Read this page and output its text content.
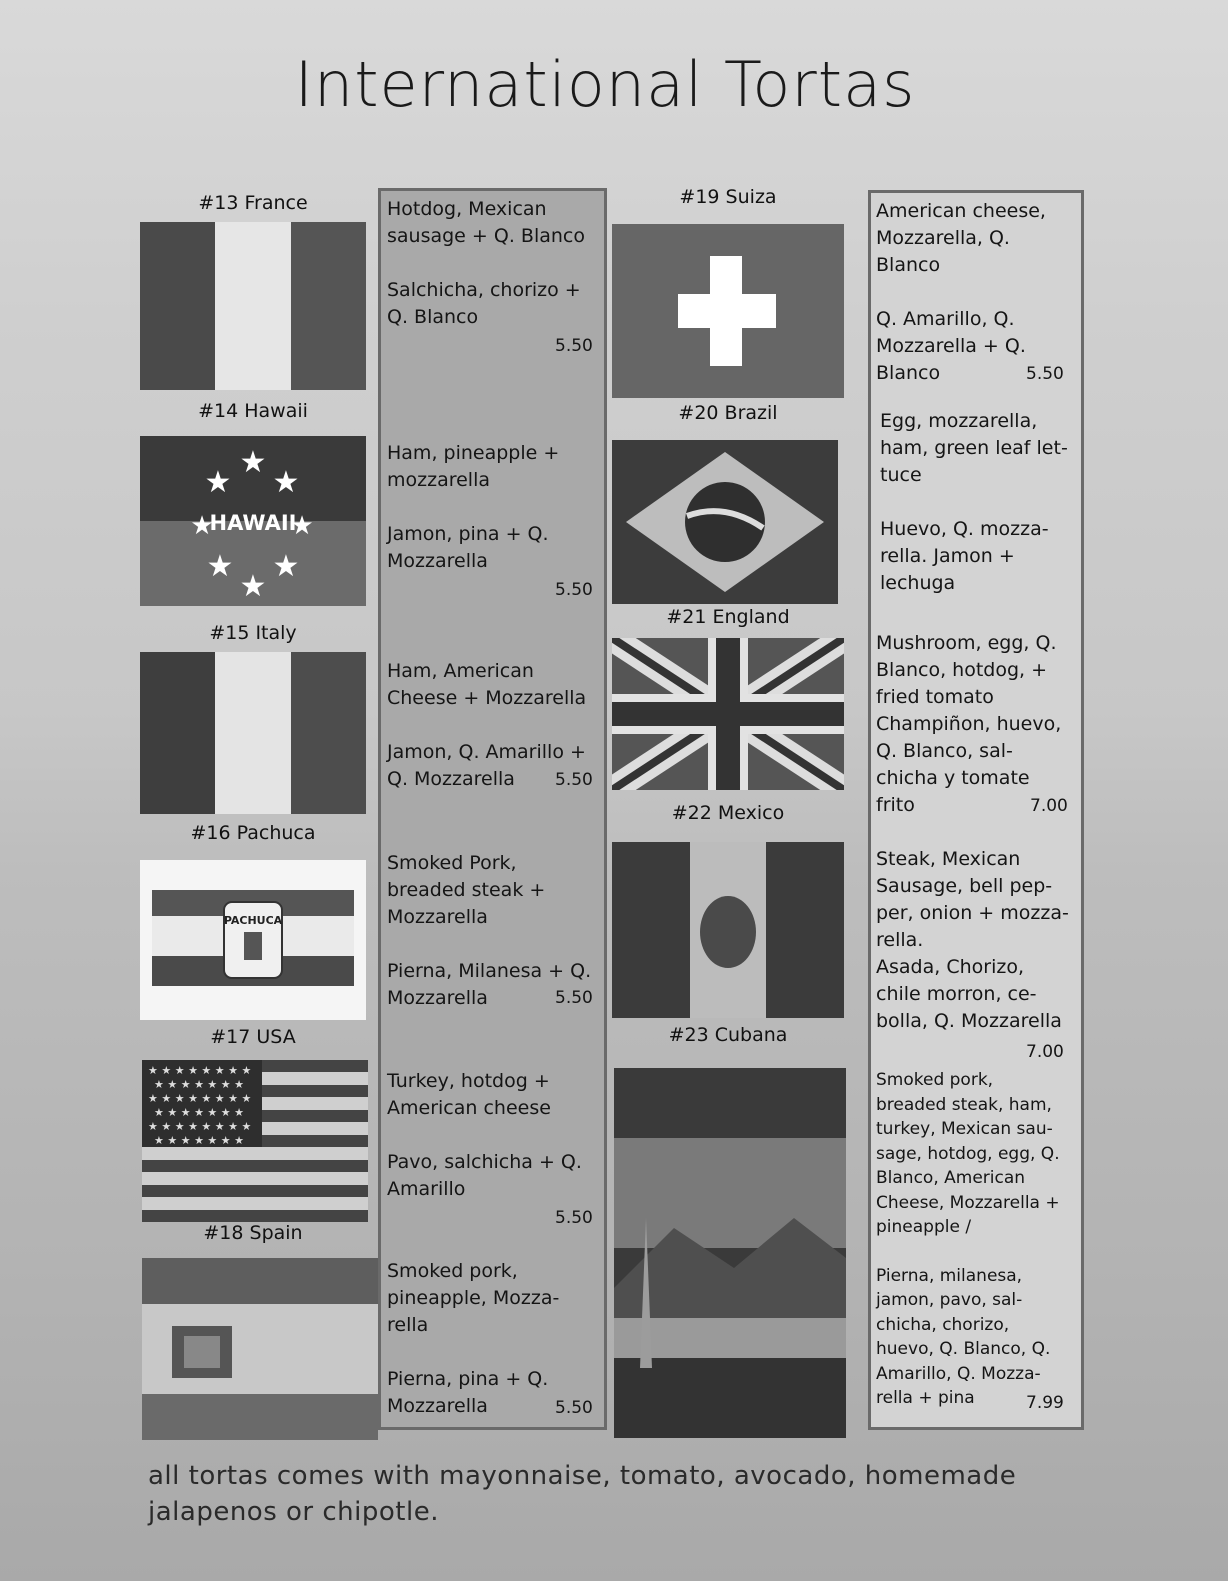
International Tortas
#13 France
#14 Hawaii
★
★ ★
★ ★
★
★	★
HAWAII
#15 Italy
#16 Pachuca
PACHUCA
#17 USA
★ ★ ★ ★ ★ ★ ★ ★
★ ★ ★ ★ ★ ★ ★
★ ★ ★ ★ ★ ★ ★ ★
★ ★ ★ ★ ★ ★ ★
★ ★ ★ ★ ★ ★ ★ ★
★ ★ ★ ★ ★ ★ ★
#18 Spain
Hotdog, Mexican
sausage + Q. Blanco
Salchicha, chorizo +
Q. Blanco
5.50
Ham, pineapple +
mozzarella
Jamon, pina + Q.
Mozzarella
5.50
Ham, American
Cheese + Mozzarella
Jamon, Q. Amarillo +
Q. Mozzarella	5.50
Smoked Pork,
breaded steak +
Mozzarella
Pierna, Milanesa + Q.
Mozzarella	5.50
Turkey, hotdog +
American cheese
Pavo, salchicha + Q.
Amarillo
5.50
Smoked pork,
pineapple, Mozza-
rella
Pierna, pina + Q.
Mozzarella	5.50
#19 Suiza
#20 Brazil
#21 England
#22 Mexico
#23 Cubana
American cheese,
Mozzarella, Q.
Blanco
Q. Amarillo, Q.
Mozzarella + Q.
Blanco	5.50
Egg, mozzarella,
ham, green leaf let-
tuce
Huevo, Q. mozza-
rella. Jamon +
lechuga
Mushroom, egg, Q.
Blanco, hotdog, +
fried tomato
Champiñon, huevo,
Q. Blanco, sal-
chicha y tomate
frito	7.00
Steak, Mexican
Sausage, bell pep-
per, onion + mozza-
rella.
Asada, Chorizo,
chile morron, ce-
bolla, Q. Mozzarella
7.00
Smoked pork,
breaded steak, ham,
turkey, Mexican sau-
sage, hotdog, egg, Q.
Blanco, American
Cheese, Mozzarella +
pineapple /
Pierna, milanesa,
jamon, pavo, sal-
chicha, chorizo,
huevo, Q. Blanco, Q.
Amarillo, Q. Mozza-
rella + pina	7.99
all tortas comes with mayonnaise, tomato, avocado, homemade jalapenos or chipotle.
